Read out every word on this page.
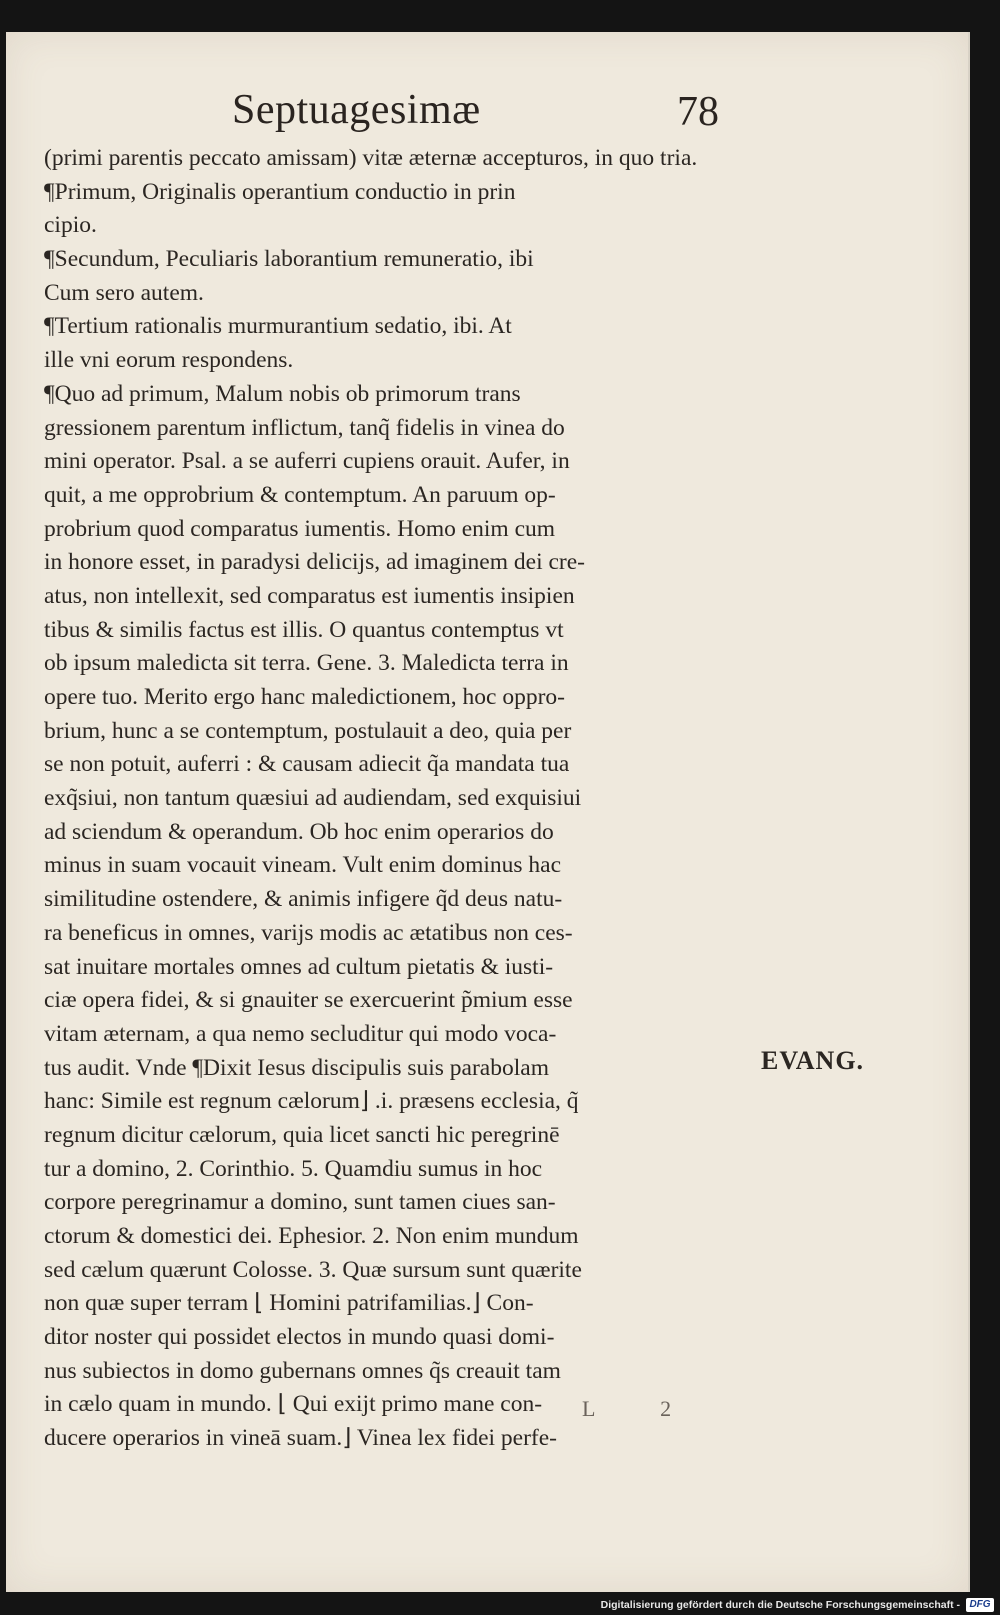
Septuagesimæ	78
(primi parentis peccato amissam) vitæ æternæ accepturos, in quo tria.
¶Primum, Originalis operantium conductio in prin
cipio.
¶Secundum, Peculiaris laborantium remuneratio, ibi
Cum sero autem.
¶Tertium rationalis murmurantium sedatio, ibi. At
ille vni eorum respondens.
¶Quo ad primum, Malum nobis ob primorum trans
gressionem parentum inflictum, tanq̃ fidelis in vinea do
mini operator. Psal. a se auferri cupiens orauit. Aufer, in
quit, a me opprobrium & contemptum. An paruum op-
probrium quod comparatus iumentis. Homo enim cum
in honore esset, in paradysi delicijs, ad imaginem dei cre-
atus, non intellexit, sed comparatus est iumentis insipien
tibus & similis factus est illis. O quantus contemptus vt
ob ipsum maledicta sit terra. Gene. 3. Maledicta terra in
opere tuo. Merito ergo hanc maledictionem, hoc oppro-
brium, hunc a se contemptum, postulauit a deo, quia per
se non potuit, auferri : & causam adiecit q̃a mandata tua
exq̃siui, non tantum quæsiui ad audiendam, sed exquisiui
ad sciendum & operandum. Ob hoc enim operarios do
minus in suam vocauit vineam. Vult enim dominus hac
similitudine ostendere, & animis infigere q̃d deus natu-
ra beneficus in omnes, varijs modis ac ætatibus non ces-
sat inuitare mortales omnes ad cultum pietatis & iusti-
ciæ opera fidei, & si gnauiter se exercuerint p̃mium esse
vitam æternam, a qua nemo secluditur qui modo voca-
tus audit. Vnde ¶Dixit Iesus discipulis suis parabolam
hanc: Simile est regnum cælorum⌋ .i. præsens ecclesia, q̃
regnum dicitur cælorum, quia licet sancti hic peregrinē
tur a domino, 2. Corinthio. 5. Quamdiu sumus in hoc
corpore peregrinamur a domino, sunt tamen ciues san-
ctorum & domestici dei. Ephesior. 2. Non enim mundum
sed cælum quærunt Colosse. 3. Quæ sursum sunt quærite
non quæ super terram ⌊ Homini patrifamilias.⌋ Con-
ditor noster qui possidet electos in mundo quasi domi-
nus subiectos in domo gubernans omnes q̃s creauit tam
in cælo quam in mundo. ⌊ Qui exijt primo mane con-
ducere operarios in vineā suam.⌋ Vinea lex fidei perfe-
EVANG.
L 2
Digitalisierung gefördert durch die Deutsche Forschungsgemeinschaft - DFG
